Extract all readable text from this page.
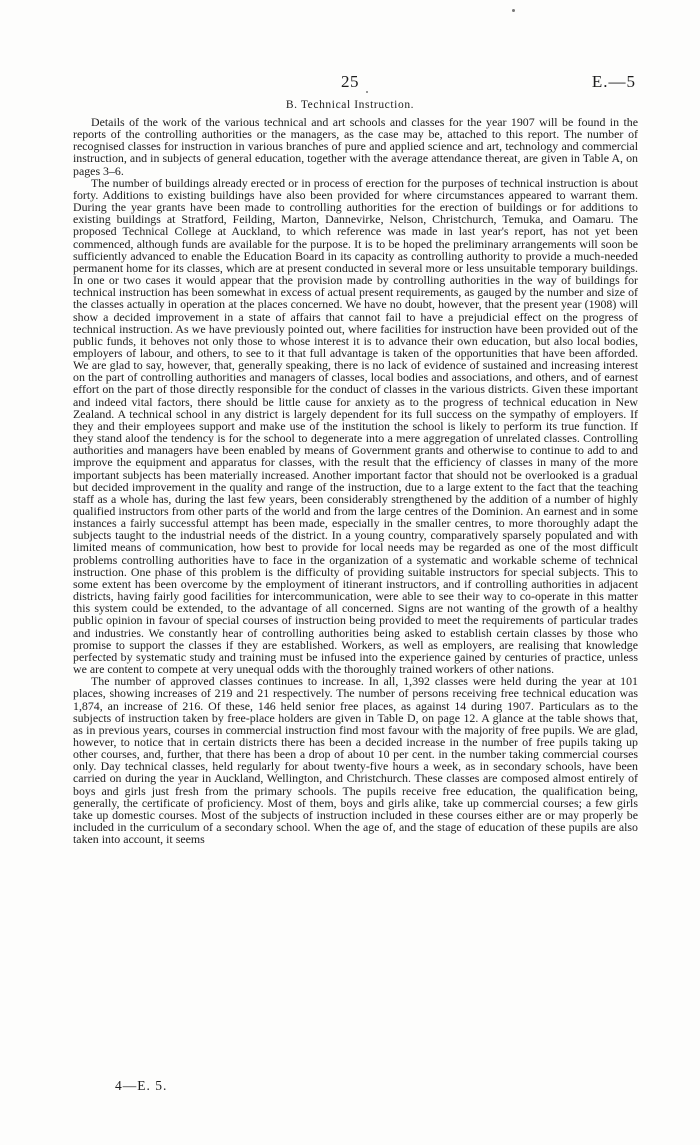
25	E.—5
B. Technical Instruction.

Details of the work of the various technical and art schools and classes for the year 1907 will be found in the reports of the controlling authorities or the managers, as the case may be, attached to this report. The number of recognised classes for instruction in various branches of pure and applied science and art, technology and commercial instruction, and in subjects of general education, together with the average attendance thereat, are given in Table A, on pages 3–6.

The number of buildings already erected or in process of erection for the purposes of technical instruction is about forty. Additions to existing buildings have also been provided for where circumstances appeared to warrant them. During the year grants have been made to controlling authorities for the erection of buildings or for additions to existing buildings at Stratford, Feilding, Marton, Dannevirke, Nelson, Christchurch, Temuka, and Oamaru. The proposed Technical College at Auckland, to which reference was made in last year's report, has not yet been commenced, although funds are available for the purpose. It is to be hoped the preliminary arrangements will soon be sufficiently advanced to enable the Education Board in its capacity as controlling authority to provide a much-needed permanent home for its classes, which are at present conducted in several more or less unsuitable temporary buildings. In one or two cases it would appear that the provision made by controlling authorities in the way of buildings for technical instruction has been somewhat in excess of actual present requirements, as gauged by the number and size of the classes actually in operation at the places concerned. We have no doubt, however, that the present year (1908) will show a decided improvement in a state of affairs that cannot fail to have a prejudicial effect on the progress of technical instruction. As we have previously pointed out, where facilities for instruction have been provided out of the public funds, it behoves not only those to whose interest it is to advance their own education, but also local bodies, employers of labour, and others, to see to it that full advantage is taken of the opportunities that have been afforded. We are glad to say, however, that, generally speaking, there is no lack of evidence of sustained and increasing interest on the part of controlling authorities and managers of classes, local bodies and associations, and others, and of earnest effort on the part of those directly responsible for the conduct of classes in the various districts. Given these important and indeed vital factors, there should be little cause for anxiety as to the progress of technical education in New Zealand. A technical school in any district is largely dependent for its full success on the sympathy of employers. If they and their employees support and make use of the institution the school is likely to perform its true function. If they stand aloof the tendency is for the school to degenerate into a mere aggregation of unrelated classes. Controlling authorities and managers have been enabled by means of Government grants and otherwise to continue to add to and improve the equipment and apparatus for classes, with the result that the efficiency of classes in many of the more important subjects has been materially increased. Another important factor that should not be overlooked is a gradual but decided improvement in the quality and range of the instruction, due to a large extent to the fact that the teaching staff as a whole has, during the last few years, been considerably strengthened by the addition of a number of highly qualified instructors from other parts of the world and from the large centres of the Dominion. An earnest and in some instances a fairly successful attempt has been made, especially in the smaller centres, to more thoroughly adapt the subjects taught to the industrial needs of the district. In a young country, comparatively sparsely populated and with limited means of communication, how best to provide for local needs may be regarded as one of the most difficult problems controlling authorities have to face in the organization of a systematic and workable scheme of technical instruction. One phase of this problem is the difficulty of providing suitable instructors for special subjects. This to some extent has been overcome by the employment of itinerant instructors, and if controlling authorities in adjacent districts, having fairly good facilities for intercommunication, were able to see their way to co-operate in this matter this system could be extended, to the advantage of all concerned. Signs are not wanting of the growth of a healthy public opinion in favour of special courses of instruction being provided to meet the requirements of particular trades and industries. We constantly hear of controlling authorities being asked to establish certain classes by those who promise to support the classes if they are established. Workers, as well as employers, are realising that knowledge perfected by systematic study and training must be infused into the experience gained by centuries of practice, unless we are content to compete at very unequal odds with the thoroughly trained workers of other nations.

The number of approved classes continues to increase. In all, 1,392 classes were held during the year at 101 places, showing increases of 219 and 21 respectively. The number of persons receiving free technical education was 1,874, an increase of 216. Of these, 146 held senior free places, as against 14 during 1907. Particulars as to the subjects of instruction taken by free-place holders are given in Table D, on page 12. A glance at the table shows that, as in previous years, courses in commercial instruction find most favour with the majority of free pupils. We are glad, however, to notice that in certain districts there has been a decided increase in the number of free pupils taking up other courses, and, further, that there has been a drop of about 10 per cent. in the number taking commercial courses only. Day technical classes, held regularly for about twenty-five hours a week, as in secondary schools, have been carried on during the year in Auckland, Wellington, and Christchurch. These classes are composed almost entirely of boys and girls just fresh from the primary schools. The pupils receive free education, the qualification being, generally, the certificate of proficiency. Most of them, boys and girls alike, take up commercial courses; a few girls take up domestic courses. Most of the subjects of instruction included in these courses either are or may properly be included in the curriculum of a secondary school. When the age of, and the stage of education of these pupils are also taken into account, it seems

4—E. 5.
